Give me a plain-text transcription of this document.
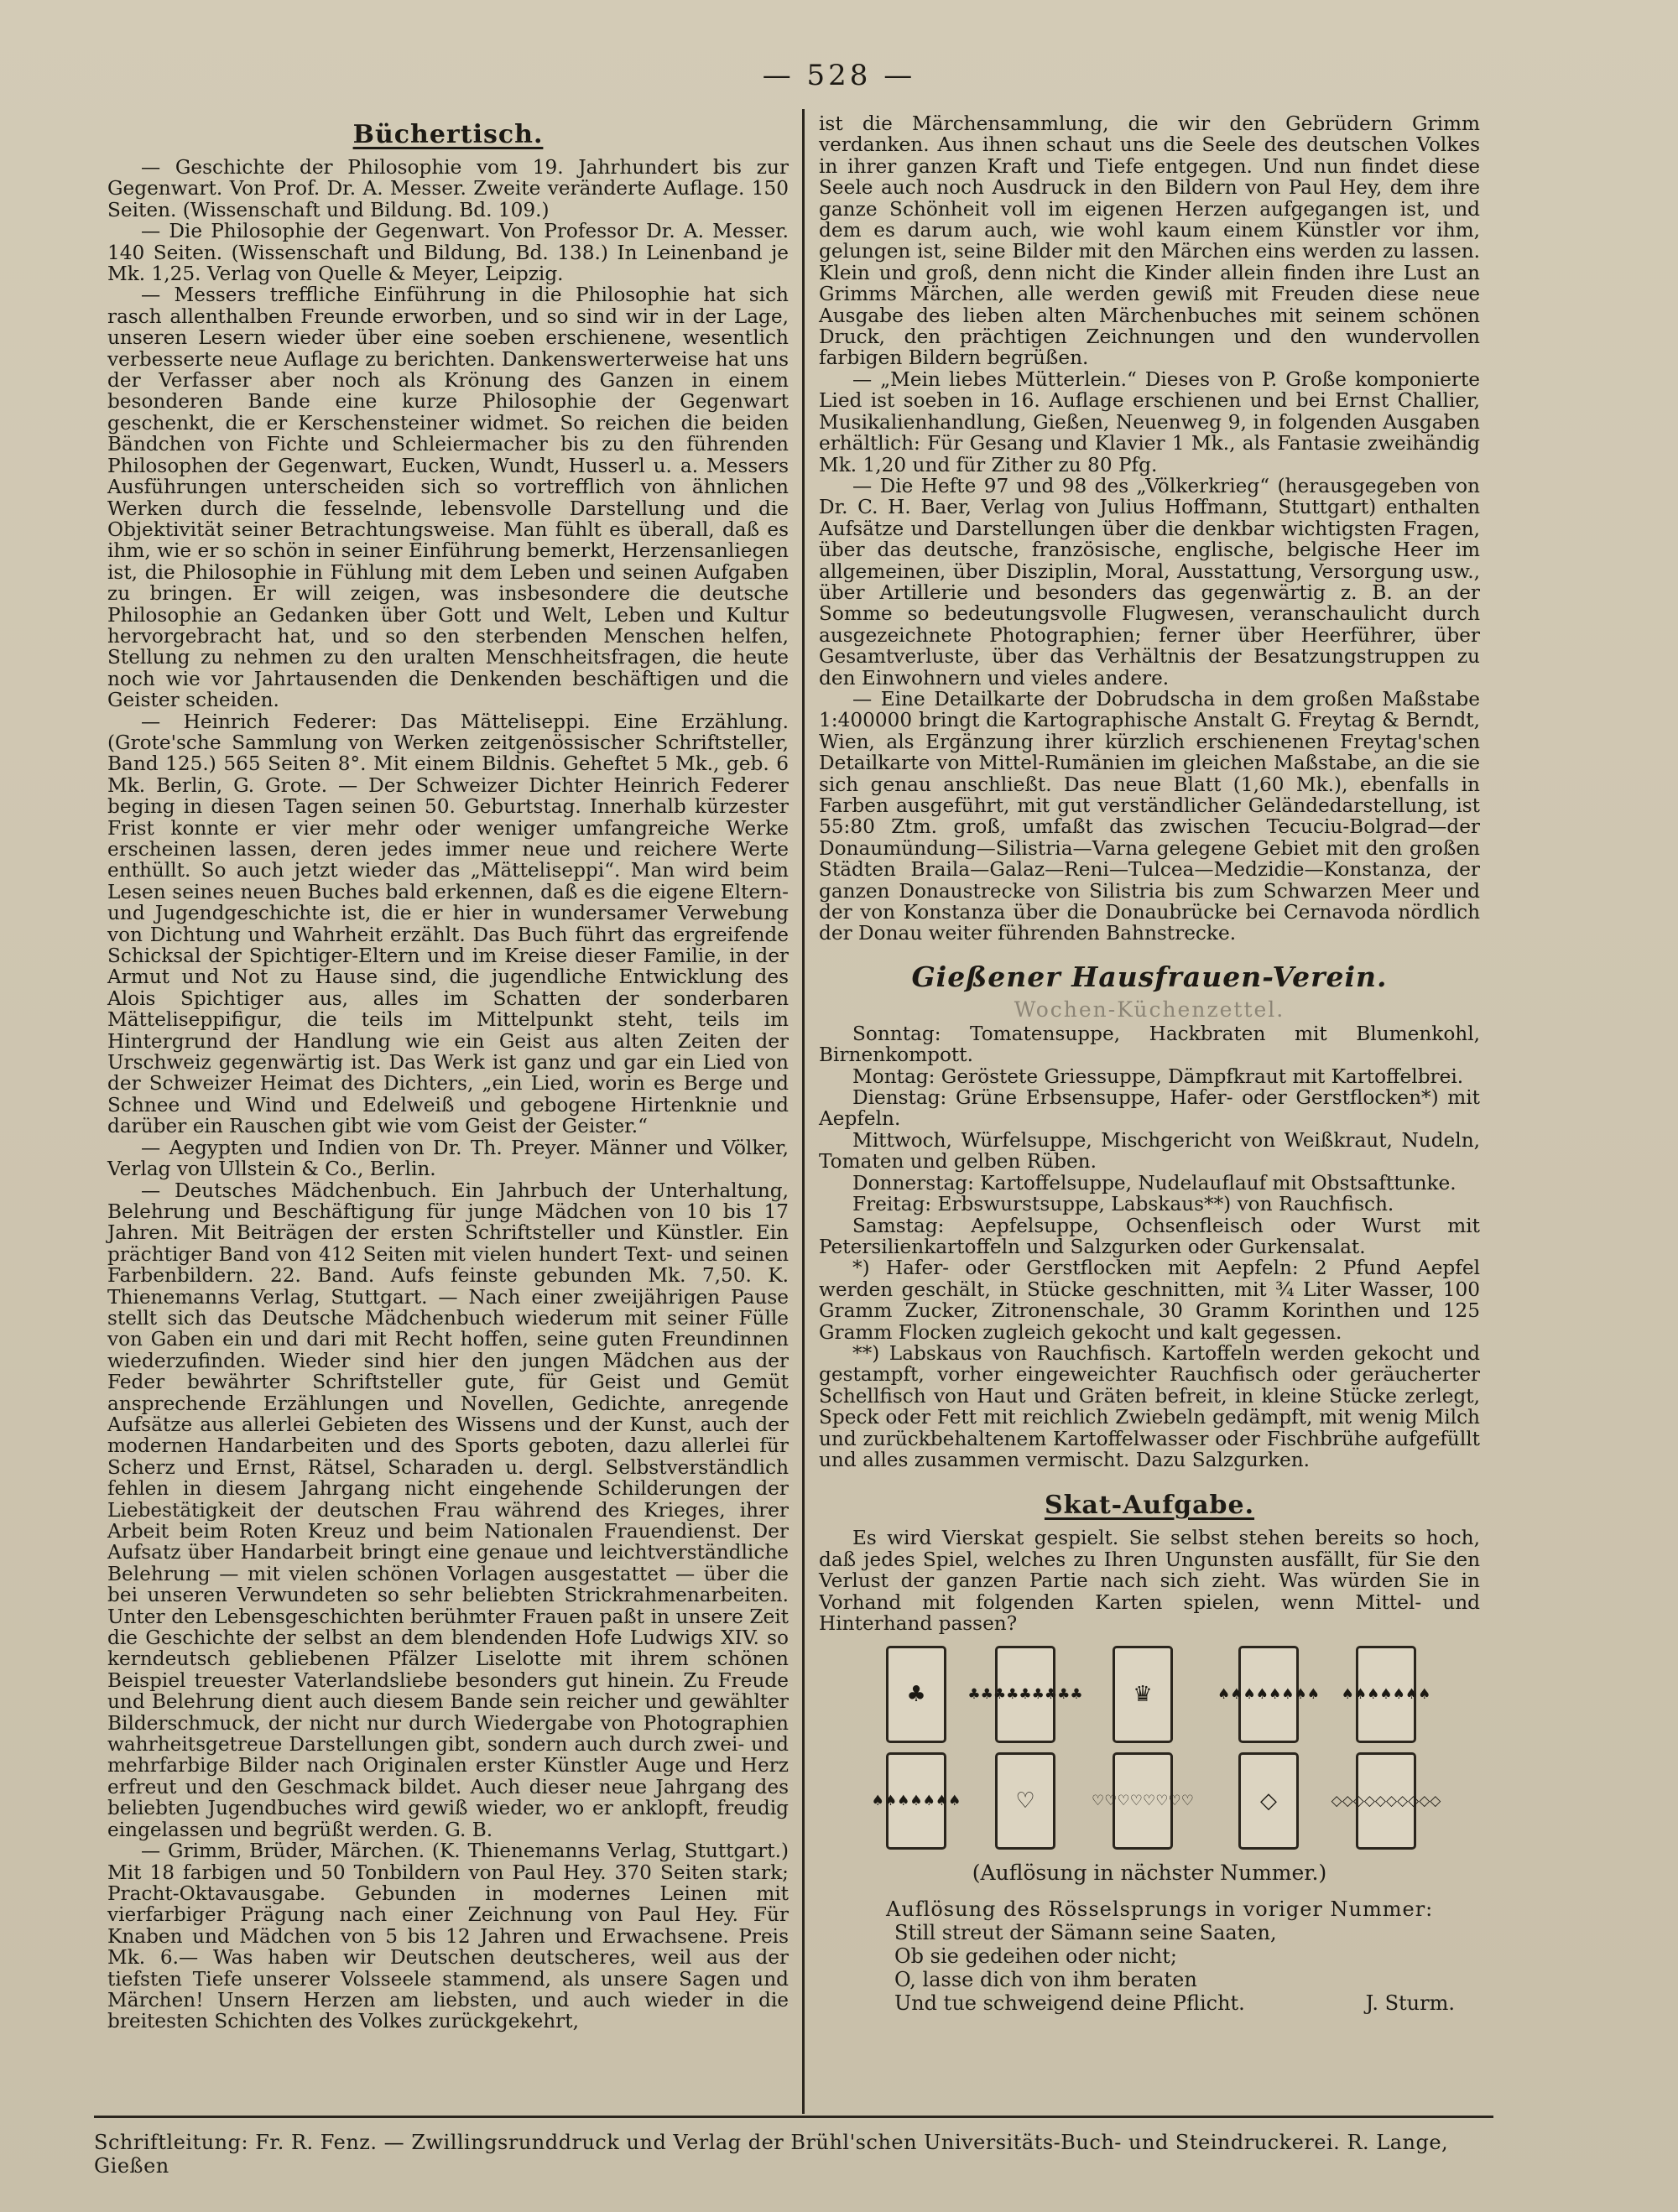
— 528 —
Büchertisch.

— Geschichte der Philosophie vom 19. Jahrhundert bis zur Gegenwart. Von Prof. Dr. A. Messer. Zweite veränderte Auflage. 150 Seiten. (Wissenschaft und Bildung. Bd. 109.)

— Die Philosophie der Gegenwart. Von Professor Dr. A. Messer. 140 Seiten. (Wissenschaft und Bildung, Bd. 138.) In Leinenband je Mk. 1,25. Verlag von Quelle & Meyer, Leipzig.

— Messers treffliche Einführung in die Philosophie hat sich rasch allenthalben Freunde erworben, und so sind wir in der Lage, unseren Lesern wieder über eine soeben erschienene, wesentlich verbesserte neue Auflage zu berichten. Dankenswerterweise hat uns der Verfasser aber noch als Krönung des Ganzen in einem besonderen Bande eine kurze Philosophie der Gegenwart geschenkt, die er Kerschensteiner widmet. So reichen die beiden Bändchen von Fichte und Schleiermacher bis zu den führenden Philosophen der Gegenwart, Eucken, Wundt, Husserl u. a. Messers Ausführungen unterscheiden sich so vortrefflich von ähnlichen Werken durch die fesselnde, lebensvolle Darstellung und die Objektivität seiner Betrachtungsweise. Man fühlt es überall, daß es ihm, wie er so schön in seiner Einführung bemerkt, Herzensanliegen ist, die Philosophie in Fühlung mit dem Leben und seinen Aufgaben zu bringen. Er will zeigen, was insbesondere die deutsche Philosophie an Gedanken über Gott und Welt, Leben und Kultur hervorgebracht hat, und so den sterbenden Menschen helfen, Stellung zu nehmen zu den uralten Menschheitsfragen, die heute noch wie vor Jahrtausenden die Denkenden beschäftigen und die Geister scheiden.

— Heinrich Federer: Das Mätteliseppi. Eine Erzählung. (Grote'sche Sammlung von Werken zeitgenössischer Schriftsteller, Band 125.) 565 Seiten 8°. Mit einem Bildnis. Geheftet 5 Mk., geb. 6 Mk. Berlin, G. Grote. — Der Schweizer Dichter Heinrich Federer beging in diesen Tagen seinen 50. Geburtstag. Innerhalb kürzester Frist konnte er vier mehr oder weniger umfangreiche Werke erscheinen lassen, deren jedes immer neue und reichere Werte enthüllt. So auch jetzt wieder das „Mätteliseppi“. Man wird beim Lesen seines neuen Buches bald erkennen, daß es die eigene Eltern- und Jugendgeschichte ist, die er hier in wundersamer Verwebung von Dichtung und Wahrheit erzählt. Das Buch führt das ergreifende Schicksal der Spichtiger-Eltern und im Kreise dieser Familie, in der Armut und Not zu Hause sind, die jugendliche Entwicklung des Alois Spichtiger aus, alles im Schatten der sonderbaren Mätteliseppifigur, die teils im Mittelpunkt steht, teils im Hintergrund der Handlung wie ein Geist aus alten Zeiten der Urschweiz gegenwärtig ist. Das Werk ist ganz und gar ein Lied von der Schweizer Heimat des Dichters, „ein Lied, worin es Berge und Schnee und Wind und Edelweiß und gebogene Hirtenknie und darüber ein Rauschen gibt wie vom Geist der Geister.“

— Aegypten und Indien von Dr. Th. Preyer. Männer und Völker, Verlag von Ullstein & Co., Berlin.

— Deutsches Mädchenbuch. Ein Jahrbuch der Unterhaltung, Belehrung und Beschäftigung für junge Mädchen von 10 bis 17 Jahren. Mit Beiträgen der ersten Schriftsteller und Künstler. Ein prächtiger Band von 412 Seiten mit vielen hundert Text- und seinen Farbenbildern. 22. Band. Aufs feinste gebunden Mk. 7,50. K. Thienemanns Verlag, Stuttgart. — Nach einer zweijährigen Pause stellt sich das Deutsche Mädchenbuch wiederum mit seiner Fülle von Gaben ein und dari mit Recht hoffen, seine guten Freundinnen wiederzufinden. Wieder sind hier den jungen Mädchen aus der Feder bewährter Schriftsteller gute, für Geist und Gemüt ansprechende Erzählungen und Novellen, Gedichte, anregende Aufsätze aus allerlei Gebieten des Wissens und der Kunst, auch der modernen Handarbeiten und des Sports geboten, dazu allerlei für Scherz und Ernst, Rätsel, Scharaden u. dergl. Selbstverständlich fehlen in diesem Jahrgang nicht eingehende Schilderungen der Liebestätigkeit der deutschen Frau während des Krieges, ihrer Arbeit beim Roten Kreuz und beim Nationalen Frauendienst. Der Aufsatz über Handarbeit bringt eine genaue und leichtverständliche Belehrung — mit vielen schönen Vorlagen ausgestattet — über die bei unseren Verwundeten so sehr beliebten Strickrahmenarbeiten. Unter den Lebensgeschichten berühmter Frauen paßt in unsere Zeit die Geschichte der selbst an dem blendenden Hofe Ludwigs XIV. so kerndeutsch gebliebenen Pfälzer Liselotte mit ihrem schönen Beispiel treuester Vaterlandsliebe besonders gut hinein. Zu Freude und Belehrung dient auch diesem Bande sein reicher und gewählter Bilderschmuck, der nicht nur durch Wiedergabe von Photographien wahrheitsgetreue Darstellungen gibt, sondern auch durch zwei- und mehrfarbige Bilder nach Originalen erster Künstler Auge und Herz erfreut und den Geschmack bildet. Auch dieser neue Jahrgang des beliebten Jugendbuches wird gewiß wieder, wo er anklopft, freudig eingelassen und begrüßt werden. G. B.

— Grimm, Brüder, Märchen. (K. Thienemanns Verlag, Stuttgart.) Mit 18 farbigen und 50 Tonbildern von Paul Hey. 370 Seiten stark; Pracht-Oktavausgabe. Gebunden in modernes Leinen mit vierfarbiger Prägung nach einer Zeichnung von Paul Hey. Für Knaben und Mädchen von 5 bis 12 Jahren und Erwachsene. Preis Mk. 6.— Was haben wir Deutschen deutscheres, weil aus der tiefsten Tiefe unserer Volsseele stammend, als unsere Sagen und Märchen! Unsern Herzen am liebsten, und auch wieder in die breitesten Schichten des Volkes zurückgekehrt,

ist die Märchensammlung, die wir den Gebrüdern Grimm verdanken. Aus ihnen schaut uns die Seele des deutschen Volkes in ihrer ganzen Kraft und Tiefe entgegen. Und nun findet diese Seele auch noch Ausdruck in den Bildern von Paul Hey, dem ihre ganze Schönheit voll im eigenen Herzen aufgegangen ist, und dem es darum auch, wie wohl kaum einem Künstler vor ihm, gelungen ist, seine Bilder mit den Märchen eins werden zu lassen. Klein und groß, denn nicht die Kinder allein finden ihre Lust an Grimms Märchen, alle werden gewiß mit Freuden diese neue Ausgabe des lieben alten Märchenbuches mit seinem schönen Druck, den prächtigen Zeichnungen und den wundervollen farbigen Bildern begrüßen.

— „Mein liebes Mütterlein.“ Dieses von P. Große komponierte Lied ist soeben in 16. Auflage erschienen und bei Ernst Challier, Musikalienhandlung, Gießen, Neuenweg 9, in folgenden Ausgaben erhältlich: Für Gesang und Klavier 1 Mk., als Fantasie zweihändig Mk. 1,20 und für Zither zu 80 Pfg.

— Die Hefte 97 und 98 des „Völkerkrieg“ (herausgegeben von Dr. C. H. Baer, Verlag von Julius Hoffmann, Stuttgart) enthalten Aufsätze und Darstellungen über die denkbar wichtigsten Fragen, über das deutsche, französische, englische, belgische Heer im allgemeinen, über Disziplin, Moral, Ausstattung, Versorgung usw., über Artillerie und besonders das gegenwärtig z. B. an der Somme so bedeutungsvolle Flugwesen, veranschaulicht durch ausgezeichnete Photographien; ferner über Heerführer, über Gesamtverluste, über das Verhältnis der Besatzungstruppen zu den Einwohnern und vieles andere.

— Eine Detailkarte der Dobrudscha in dem großen Maßstabe 1:400000 bringt die Kartographische Anstalt G. Freytag & Berndt, Wien, als Ergänzung ihrer kürzlich erschienenen Freytag'schen Detailkarte von Mittel-Rumänien im gleichen Maßstabe, an die sie sich genau anschließt. Das neue Blatt (1,60 Mk.), ebenfalls in Farben ausgeführt, mit gut verständlicher Geländedarstellung, ist 55:80 Ztm. groß, umfaßt das zwischen Tecuciu-Bolgrad—der Donaumündung—Silistria—Varna gelegene Gebiet mit den großen Städten Braila—Galaz—Reni—Tulcea—Medzidie—Konstanza, der ganzen Donaustrecke von Silistria bis zum Schwarzen Meer und der von Konstanza über die Donaubrücke bei Cernavoda nördlich der Donau weiter führenden Bahnstrecke.

Gießener Hausfrauen-Verein.
Wochen-Küchenzettel.

Sonntag: Tomatensuppe, Hackbraten mit Blumenkohl, Birnenkompott.

Montag: Geröstete Griessuppe, Dämpfkraut mit Kartoffelbrei.

Dienstag: Grüne Erbsensuppe, Hafer- oder Gerstflocken*) mit Aepfeln.

Mittwoch, Würfelsuppe, Mischgericht von Weißkraut, Nudeln, Tomaten und gelben Rüben.

Donnerstag: Kartoffelsuppe, Nudelauflauf mit Obstsafttunke.

Freitag: Erbswurstsuppe, Labskaus**) von Rauchfisch.

Samstag: Aepfelsuppe, Ochsenfleisch oder Wurst mit Petersilienkartoffeln und Salzgurken oder Gurkensalat.

*) Hafer- oder Gerstflocken mit Aepfeln: 2 Pfund Aepfel werden geschält, in Stücke geschnitten, mit ¾ Liter Wasser, 100 Gramm Zucker, Zitronenschale, 30 Gramm Korinthen und 125 Gramm Flocken zugleich gekocht und kalt gegessen.

**) Labskaus von Rauchfisch. Kartoffeln werden gekocht und gestampft, vorher eingeweichter Rauchfisch oder geräucherter Schellfisch von Haut und Gräten befreit, in kleine Stücke zerlegt, Speck oder Fett mit reichlich Zwiebeln gedämpft, mit wenig Milch und zurückbehaltenem Kartoffelwasser oder Fischbrühe aufgefüllt und alles zusammen vermischt. Dazu Salzgurken.

Skat-Aufgabe.

Es wird Vierskat gespielt. Sie selbst stehen bereits so hoch, daß jedes Spiel, welches zu Ihren Ungunsten ausfällt, für Sie den Verlust der ganzen Partie nach sich zieht. Was würden Sie in Vorhand mit folgenden Karten spielen, wenn Mittel- und Hinterhand passen?

♣	♣♣♣♣♣♣♣♣♣	♛	♠♠♠♠♠♠♠♠ ♠♠♠♠♠♠♠
♠♠♠♠♠♠♠	♡	♡♡♡♡♡♡♡♡	◇	◇◇◇◇◇◇◇◇◇◇
(Auflösung in nächster Nummer.)
Auflösung des Rösselsprungs in voriger Nummer:
Still streut der Sämann seine Saaten,
Ob sie gedeihen oder nicht;
O, lasse dich von ihm beraten
Und tue schweigend deine Pflicht.	J. Sturm.
Schriftleitung: Fr. R. Fenz. — Zwillingsrunddruck und Verlag der Brühl'schen Universitäts-Buch- und Steindruckerei. R. Lange, Gießen
